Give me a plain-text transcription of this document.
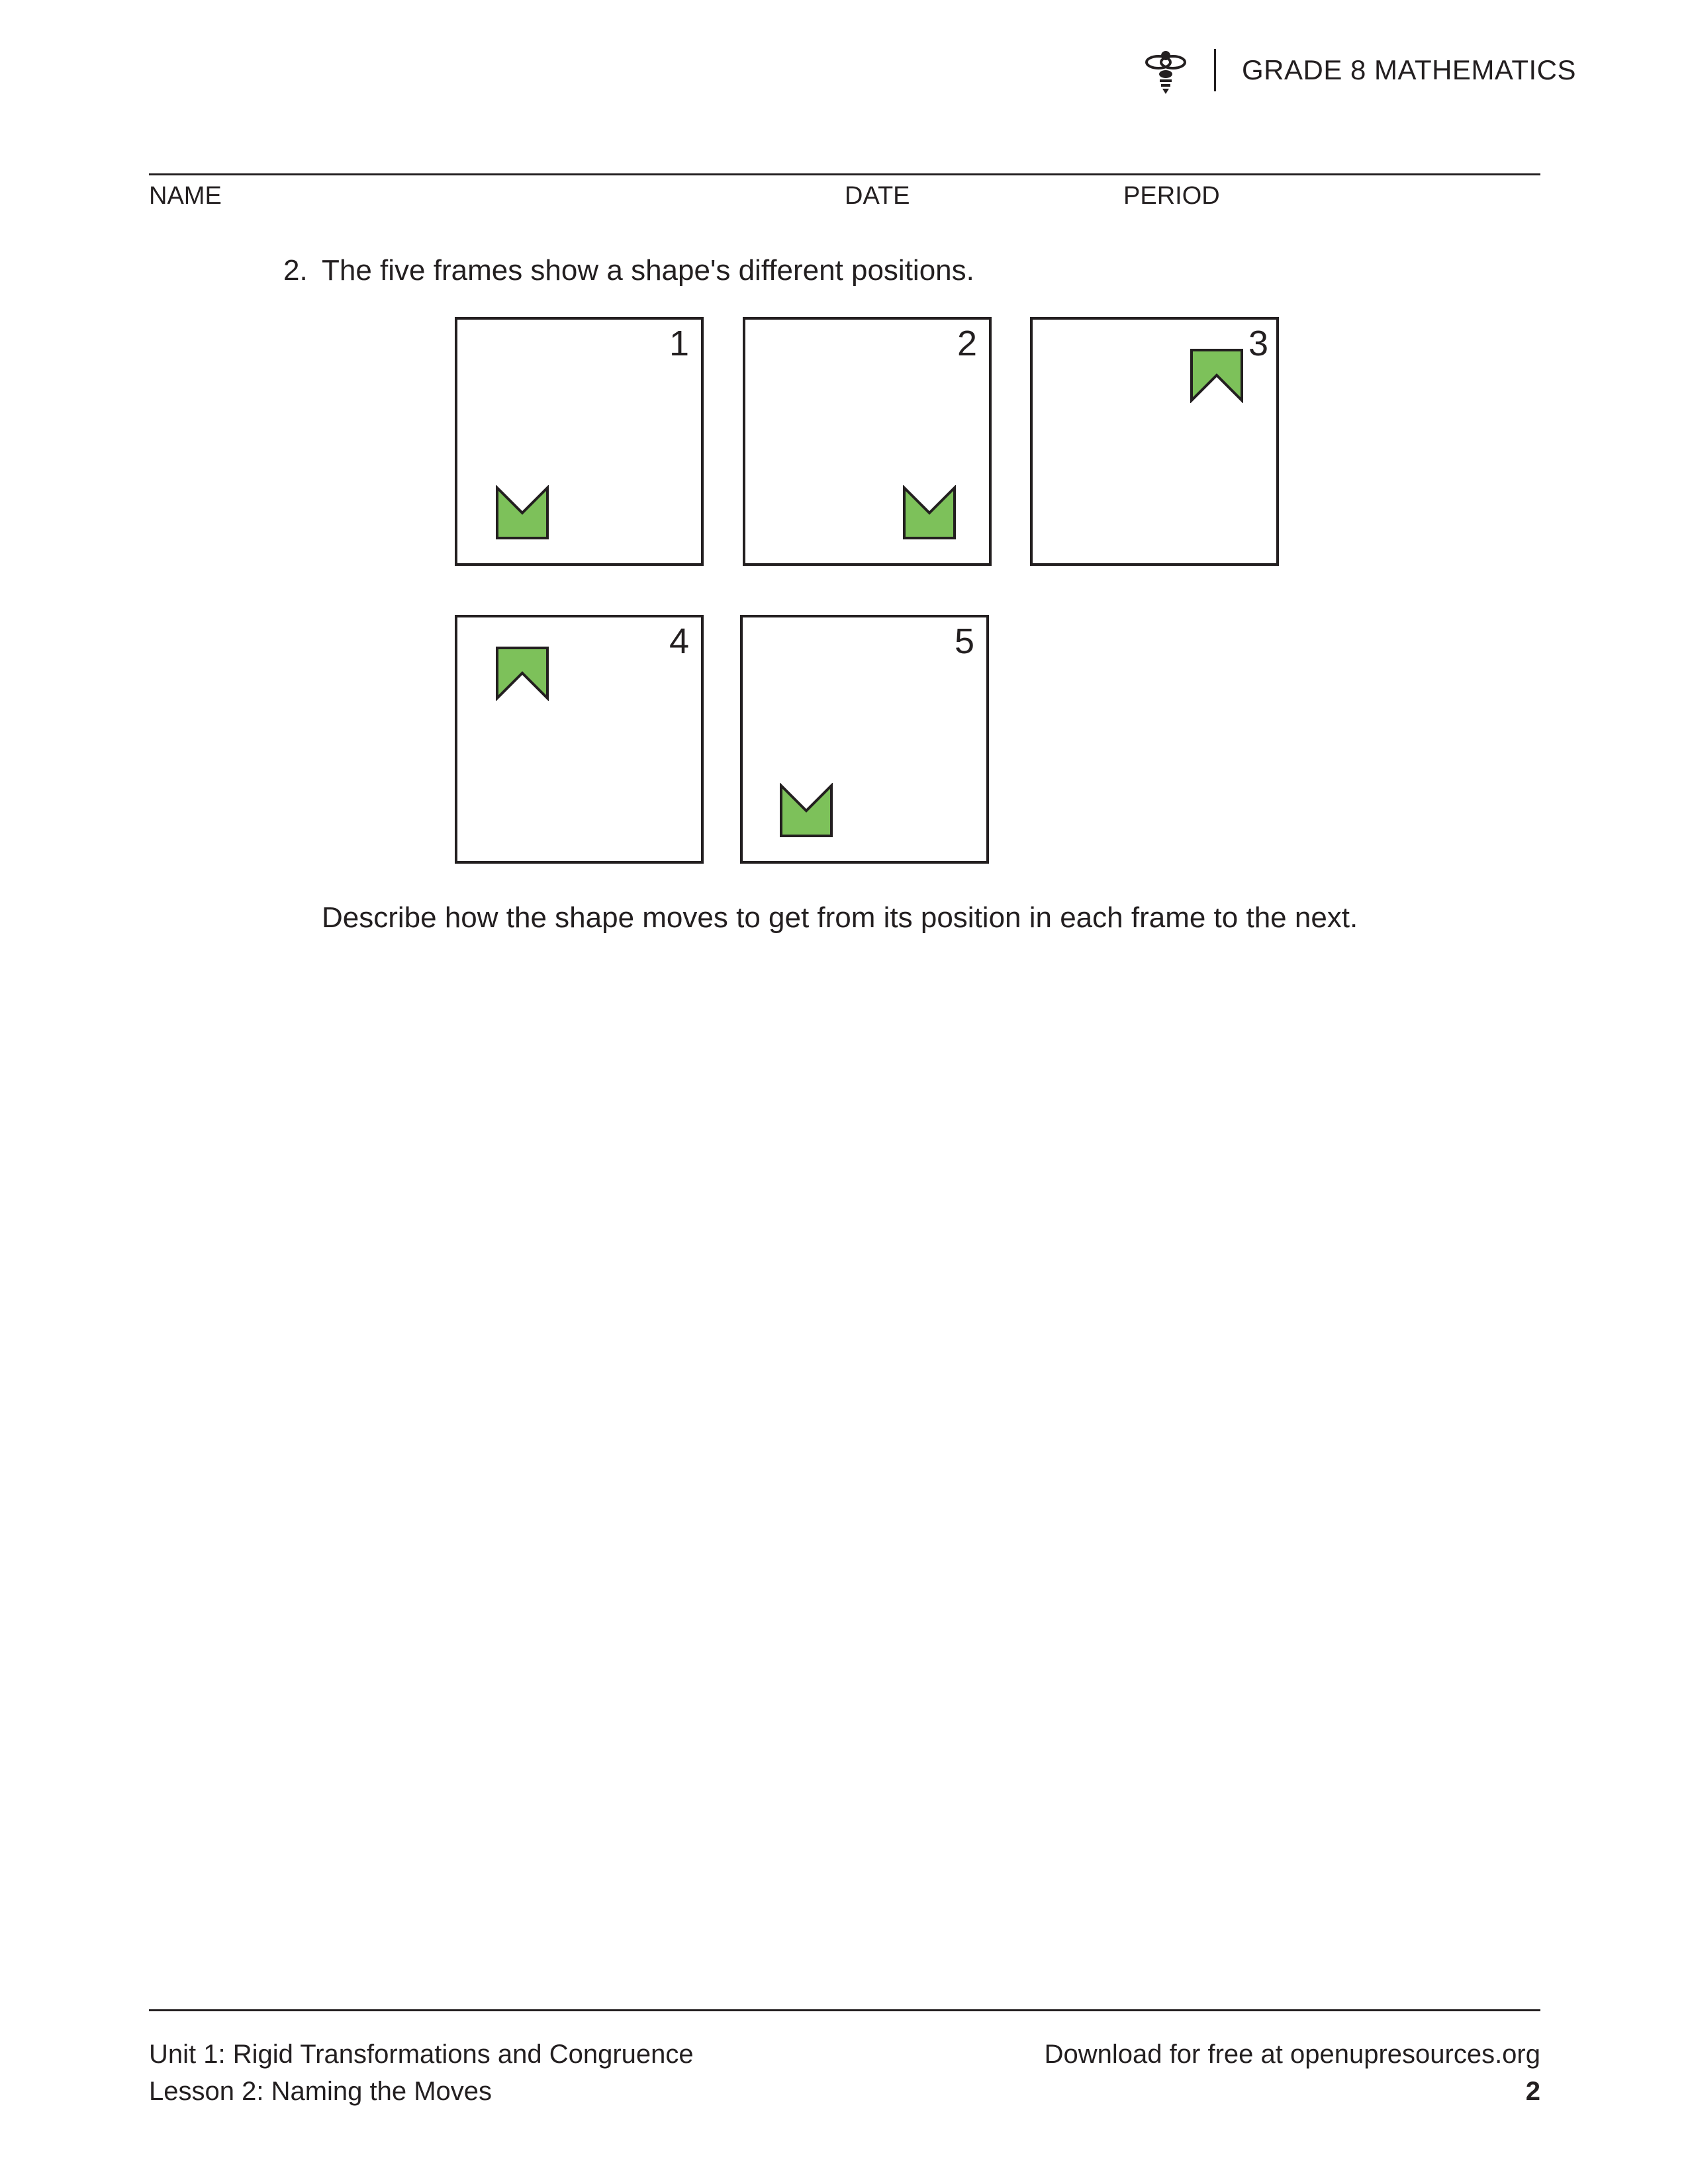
GRADE 8 MATHEMATICS
NAME	DATE	PERIOD
2. The five frames show a shape's different positions.
1	2	3
4	5
Describe how the shape moves to get from its position in each frame to the next.
Unit 1: Rigid Transformations and Congruence
Lesson 2: Naming the Moves
Download for free at openupresources.org
2
